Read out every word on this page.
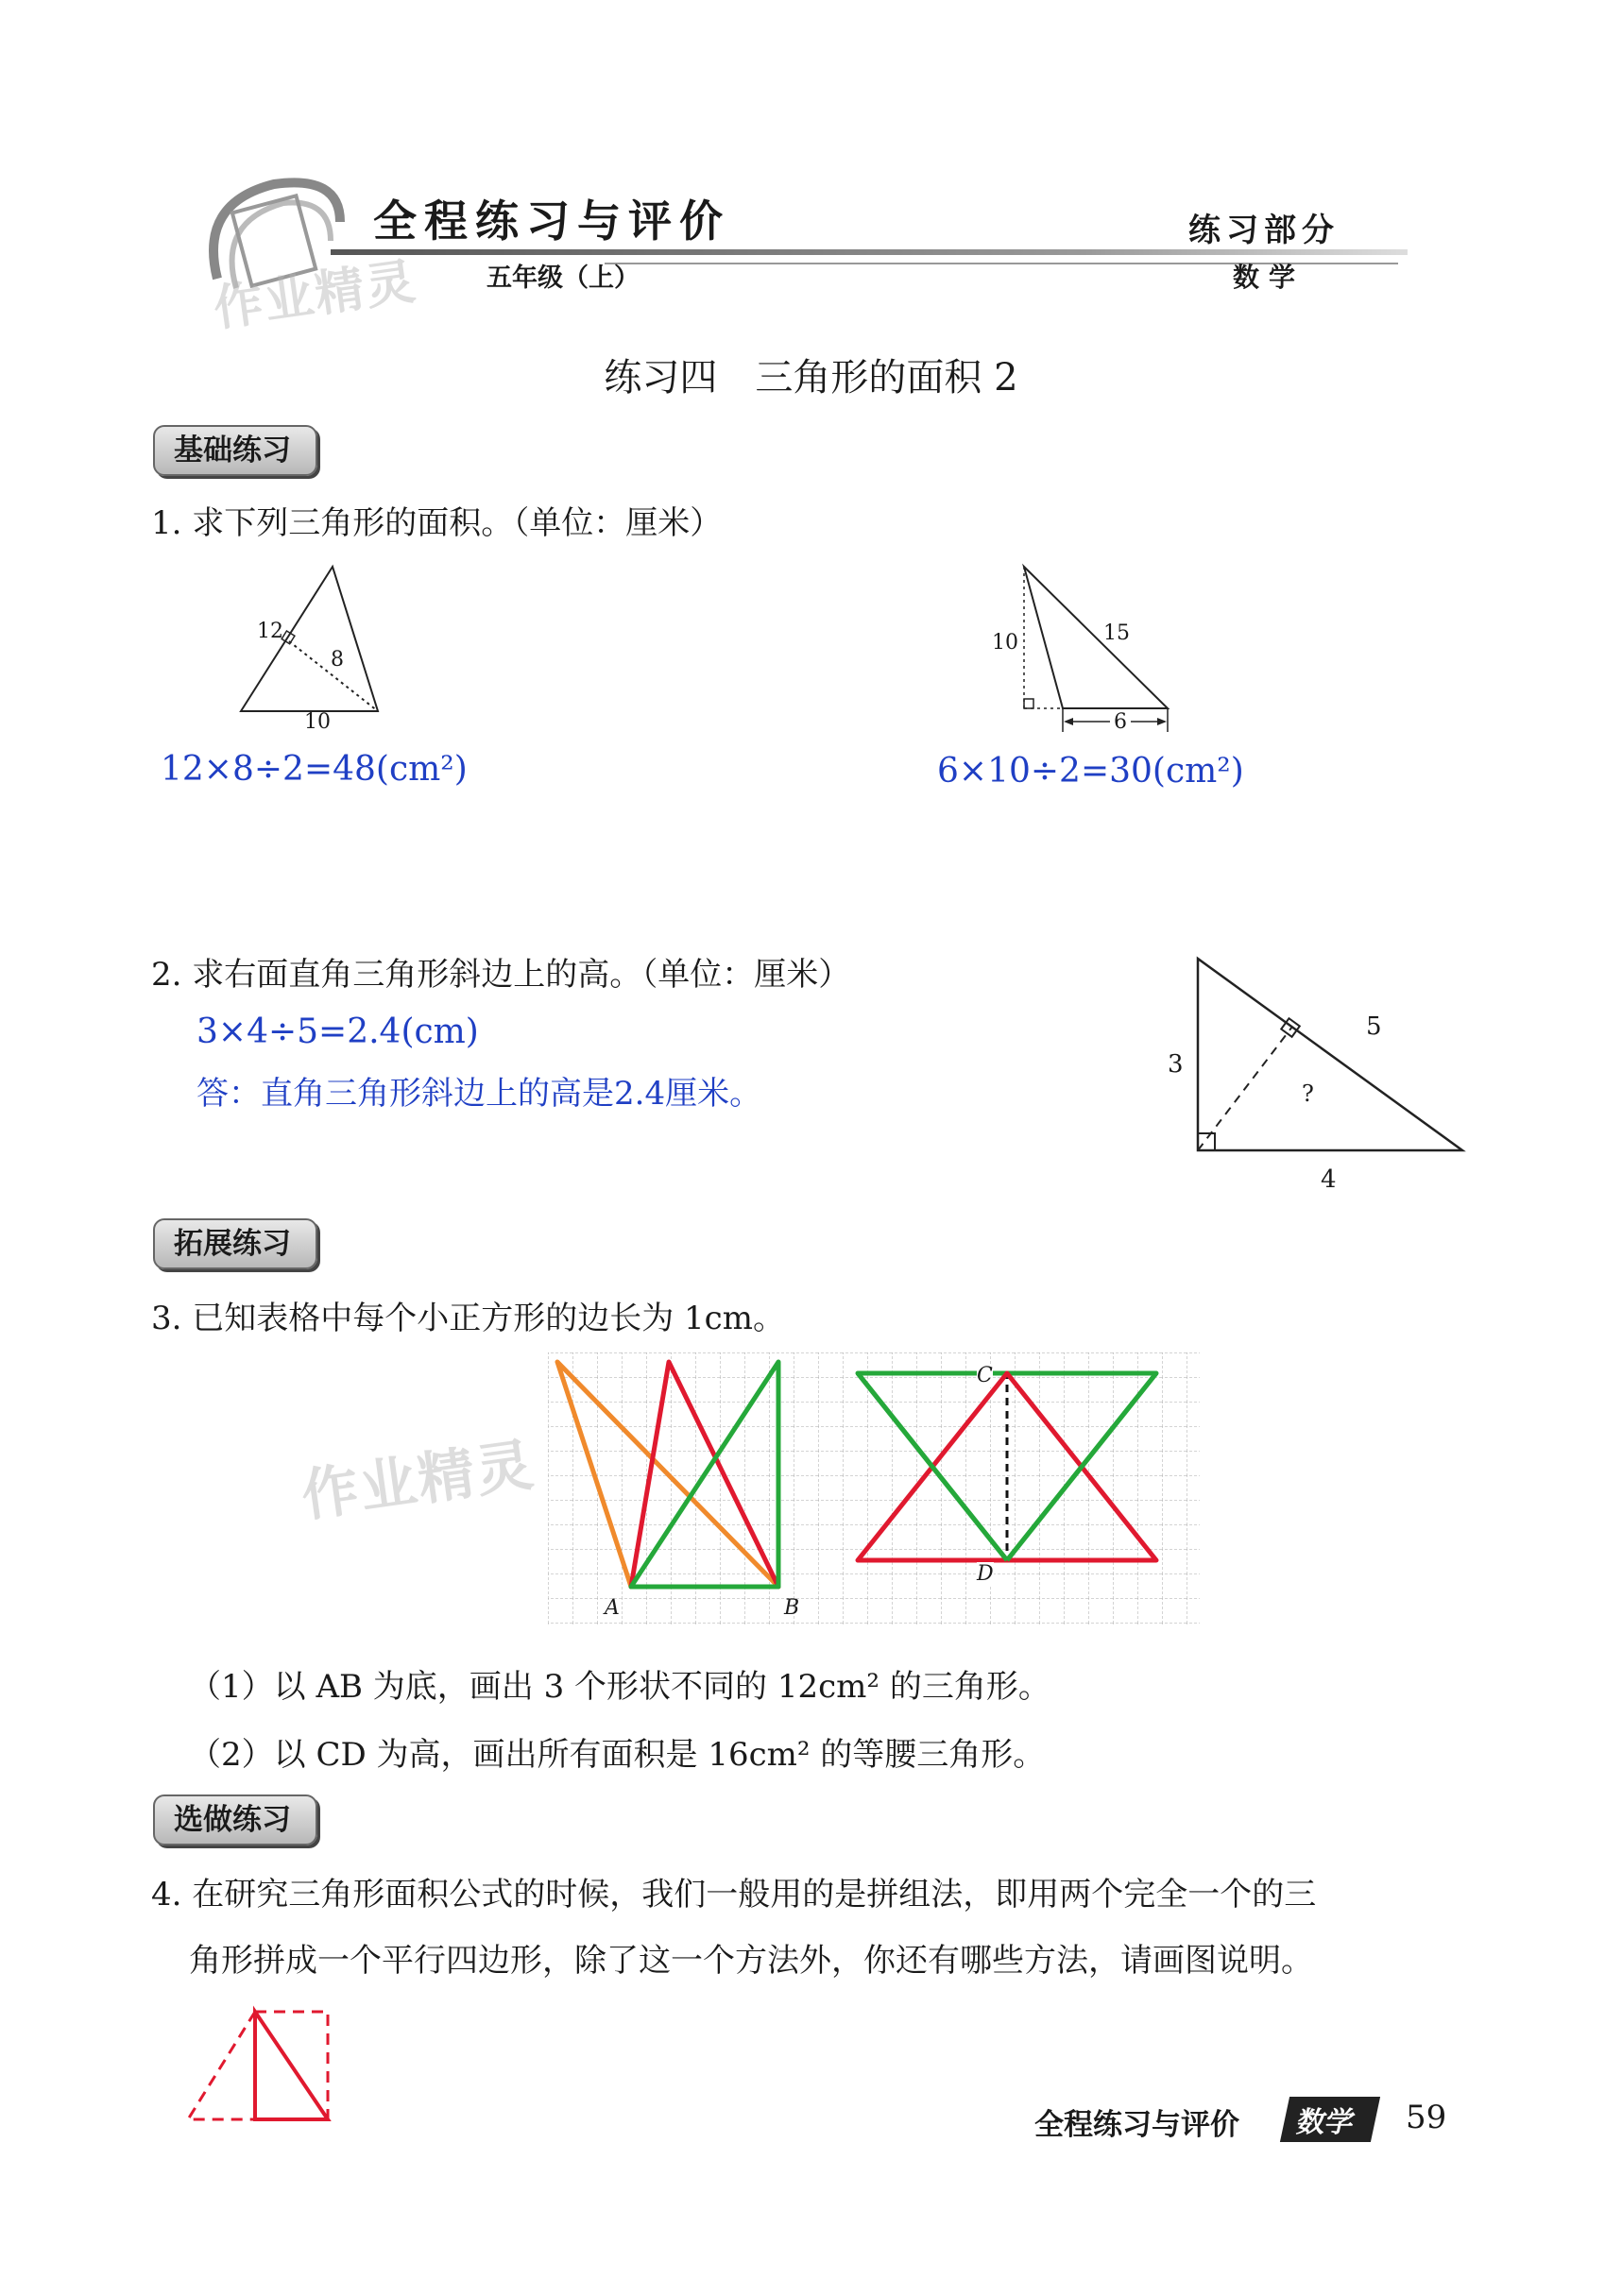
全程练习与评价
五年级（上）
练习部分
数学
作业精灵
练习四　三角形的面积 2
基础练习
1. 求下列三角形的面积。（单位：厘米）
12
8
10
10	15
6
12×8÷2=48(cm²)	6×10÷2=30(cm²)
2. 求右面直角三角形斜边上的高。（单位：厘米）
3×4÷5=2.4(cm)
答：直角三角形斜边上的高是2.4厘米。
3
5
?
4
拓展练习
3. 已知表格中每个小正方形的边长为 1cm。
A	B
C
D
作业精灵
（1）以 AB 为底，画出 3 个形状不同的 12cm² 的三角形。
（2）以 CD 为高，画出所有面积是 16cm² 的等腰三角形。
选做练习
4. 在研究三角形面积公式的时候，我们一般用的是拼组法，即用两个完全一个的三
角形拼成一个平行四边形，除了这一个方法外，你还有哪些方法，请画图说明。
全程练习与评价	数学	59
